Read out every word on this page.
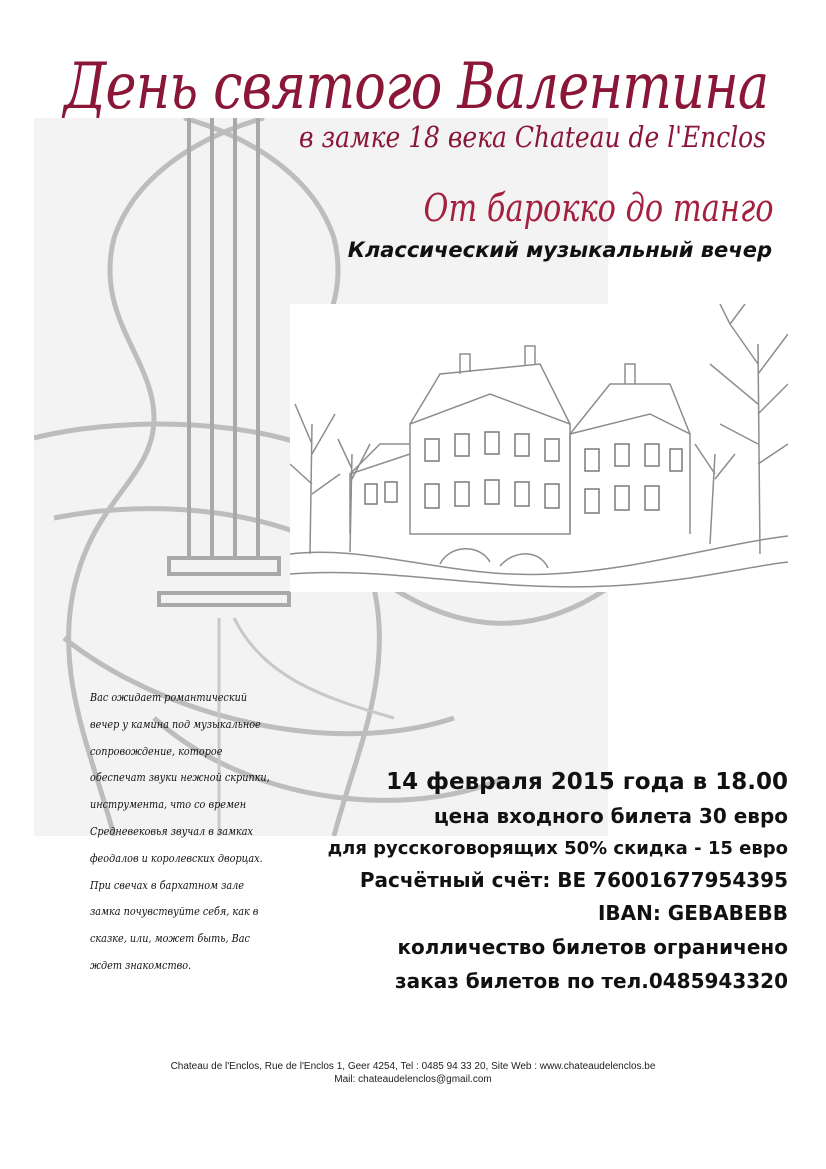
День святого Валентина
в замке 18 века Chateau de l'Enclos
От барокко до танго
Классический музыкальный вечер
Вас ожидает романтический
вечер у камина под музыкальное
сопровождение, которое
обеспечат звуки нежной скрипки,
инструмента, что со времен
Средневековья звучал в замках
феодалов и королевских дворцах.
При свечах в бархатном зале
замка почувствуйте себя, как в
сказке, или, может быть, Вас
ждет знакомство.
14 февраля 2015 года в 18.00
цена входного билета 30 евро
для русскоговорящих 50% скидка - 15 евро
Расчётный счёт: BE 76001677954395
IBAN: GEBABEBB
колличество билетов ограничено
заказ билетов по тел.0485943320
Chateau de l'Enclos, Rue de l'Enclos 1, Geer 4254, Tel : 0485 94 33 20, Site Web : www.chateaudelenclos.be
Mail: chateaudelenclos@gmail.com
